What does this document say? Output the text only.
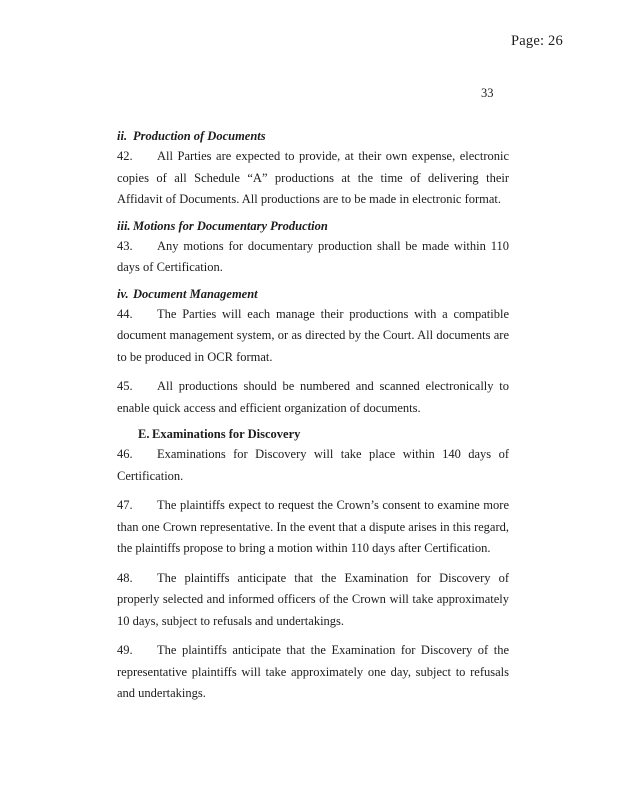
Page: 26
33
ii. Production of Documents

42. All Parties are expected to provide, at their own expense, electronic copies of all Schedule “A” productions at the time of delivering their Affidavit of Documents. All productions are to be made in electronic format.

iii. Motions for Documentary Production

43. Any motions for documentary production shall be made within 110 days of Certification.

iv. Document Management

44. The Parties will each manage their productions with a compatible document management system, or as directed by the Court. All documents are to be produced in OCR format.

45. All productions should be numbered and scanned electronically to enable quick access and efficient organization of documents.

E. Examinations for Discovery

46. Examinations for Discovery will take place within 140 days of Certification.

47. The plaintiffs expect to request the Crown’s consent to examine more than one Crown representative. In the event that a dispute arises in this regard, the plaintiffs propose to bring a motion within 110 days after Certification.

48. The plaintiffs anticipate that the Examination for Discovery of properly selected and informed officers of the Crown will take approximately 10 days, subject to refusals and undertakings.

49. The plaintiffs anticipate that the Examination for Discovery of the representative plaintiffs will take approximately one day, subject to refusals and undertakings.
